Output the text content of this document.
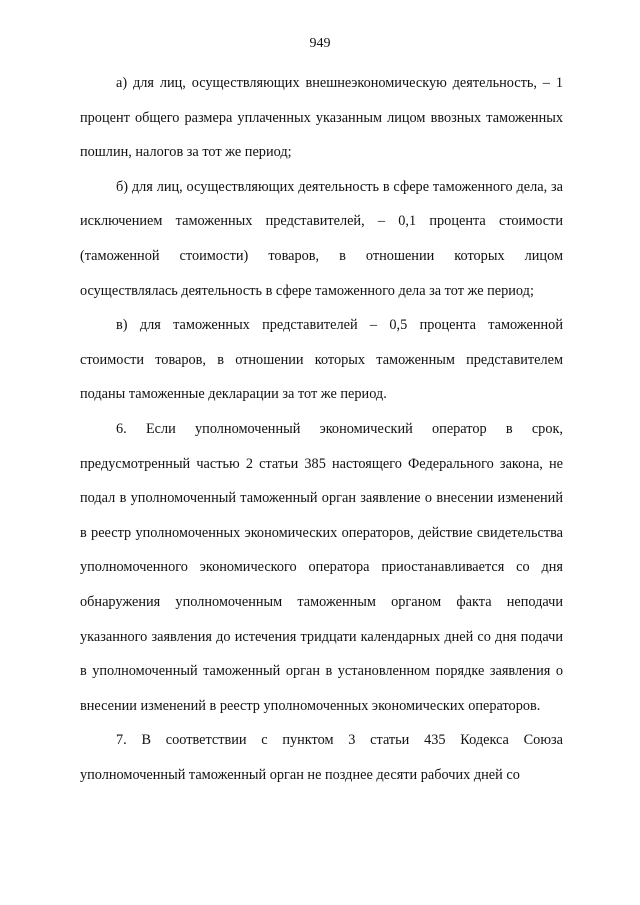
949

а) для лиц, осуществляющих внешнеэкономическую деятельность, – 1 процент общего размера уплаченных указанным лицом ввозных таможенных пошлин, налогов за тот же период;

б) для лиц, осуществляющих деятельность в сфере таможенного дела, за исключением таможенных представителей, – 0,1 процента стоимости (таможенной стоимости) товаров, в отношении которых лицом осуществлялась деятельность в сфере таможенного дела за тот же период;

в) для таможенных представителей – 0,5 процента таможенной стоимости товаров, в отношении которых таможенным представителем поданы таможенные декларации за тот же период.

6. Если уполномоченный экономический оператор в срок, предусмотренный частью 2 статьи 385 настоящего Федерального закона, не подал в уполномоченный таможенный орган заявление о внесении изменений в реестр уполномоченных экономических операторов, действие свидетельства уполномоченного экономического оператора приостанавливается со дня обнаружения уполномоченным таможенным органом факта неподачи указанного заявления до истечения тридцати календарных дней со дня подачи в уполномоченный таможенный орган в установленном порядке заявления о внесении изменений в реестр уполномоченных экономических операторов.

7. В соответствии с пунктом 3 статьи 435 Кодекса Союза уполномоченный таможенный орган не позднее десяти рабочих дней со
